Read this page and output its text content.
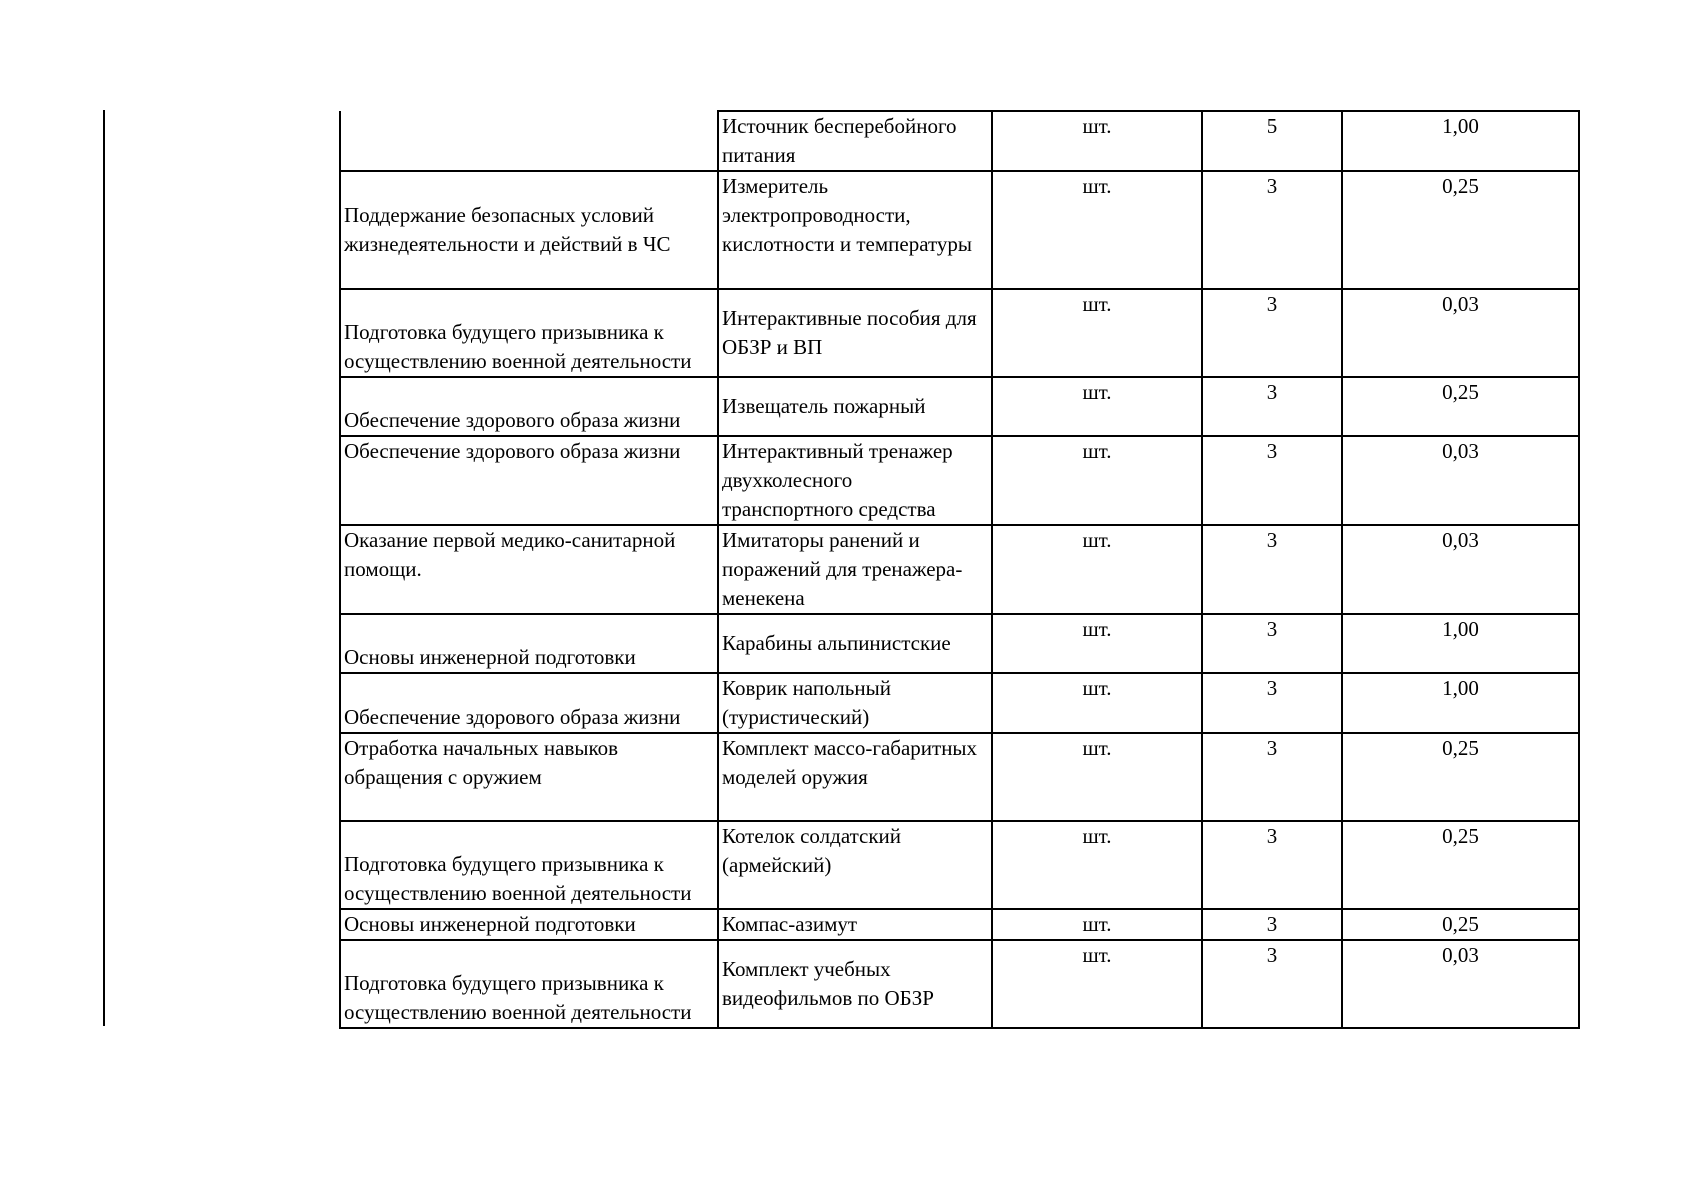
	Источник бесперебойного питания	шт.	5	1,00
Поддержание безопасных условий жизнедеятельности и действий в ЧС	Измеритель электропроводности, кислотности и температуры	шт.	3	0,25
Подготовка будущего призывника к осуществлению военной деятельности	Интерактивные пособия для ОБЗР и ВП	шт.	3	0,03
Обеспечение здорового образа жизни	Извещатель пожарный	шт.	3	0,25
Обеспечение здорового образа жизни	Интерактивный тренажер двухколесного транспортного средства	шт.	3	0,03
Оказание первой медико-санитарной помощи.	Имитаторы ранений и поражений для тренажера-менекена	шт.	3	0,03
Основы инженерной подготовки	Карабины альпинистские	шт.	3	1,00
Обеспечение здорового образа жизни	Коврик напольный (туристический)	шт.	3	1,00
Отработка начальных навыков обращения с оружием	Комплект массо-габаритных моделей оружия	шт.	3	0,25
Подготовка будущего призывника к осуществлению военной деятельности	Котелок солдатский (армейский)	шт.	3	0,25
Основы инженерной подготовки	Компас-азимут	шт.	3	0,25
Подготовка будущего призывника к осуществлению военной деятельности	Комплект учебных видеофильмов по ОБЗР	шт.	3	0,03
